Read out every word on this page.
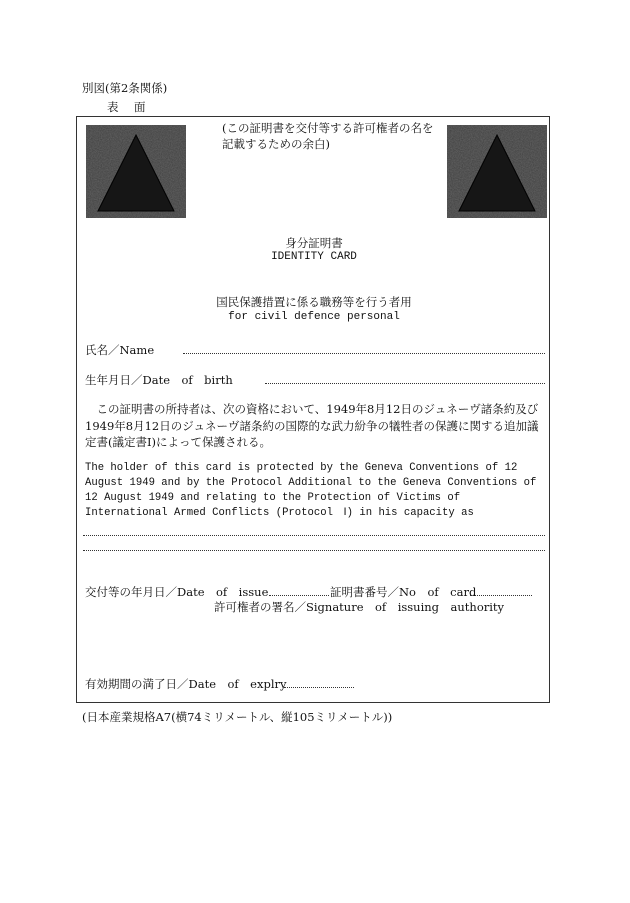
別図(第2条関係)
表　面
(この証明書を交付等する許可権者の名を記載するための余白)
身分証明書
IDENTITY CARD
国民保護措置に係る職務等を行う者用
for civil defence personal
氏名／Name
生年月日／Date　of　birth
この証明書の所持者は、次の資格において、1949年8月12日のジュネーヴ諸条約及び1949年8月12日のジュネーヴ諸条約の国際的な武力紛争の犠牲者の保護に関する追加議定書(議定書Ⅰ)によって保護される。
The holder of this card is protected by the Geneva Conventions of 12 August 1949 and by the Protocol Additional to the Geneva Conventions of 12 August 1949 and relating to the Protection of Victims of International Armed Conflicts (Protocol　Ⅰ) in his capacity as
交付等の年月日／Date　of　issue	証明書番号／No　of　card
許可権者の署名／Signature　of　issuing　authority
有効期間の満了日／Date　of　explry
(日本産業規格A7(横74ミリメートル、縦105ミリメートル))
